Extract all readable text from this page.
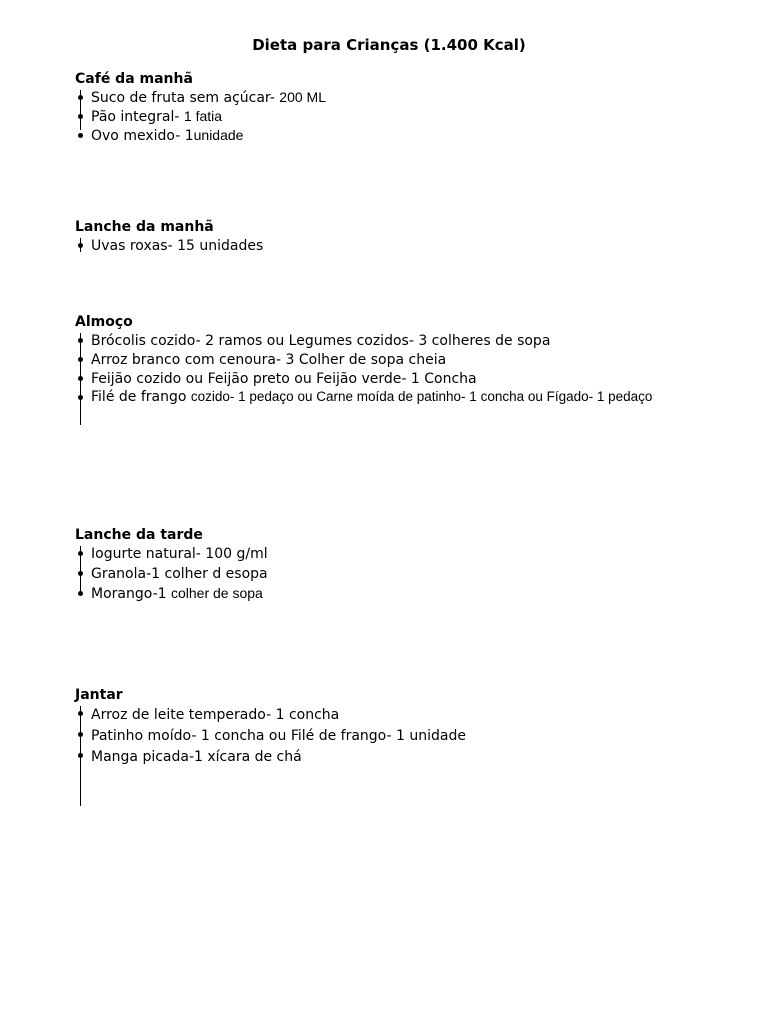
Dieta para Crianças (1.400 Kcal)
Café da manhã
Suco de fruta sem açúcar- 200 ML
Pão integral- 1 fatia
Ovo mexido- 1unidade
Lanche da manhã
Uvas roxas- 15 unidades
Almoço
Brócolis cozido- 2 ramos ou Legumes cozidos- 3 colheres de sopa
Arroz branco com cenoura- 3 Colher de sopa cheia
Feijão cozido ou Feijão preto ou Feijão verde- 1 Concha
Filé de frango cozido- 1 pedaço ou Carne moída de patinho- 1 concha ou Fígado- 1 pedaço
Lanche da tarde
Iogurte natural- 100 g/ml
Granola-1 colher d esopa
Morango-1 colher de sopa
Jantar
Arroz de leite temperado- 1 concha
Patinho moído- 1 concha ou Filé de frango- 1 unidade
Manga picada-1 xícara de chá
